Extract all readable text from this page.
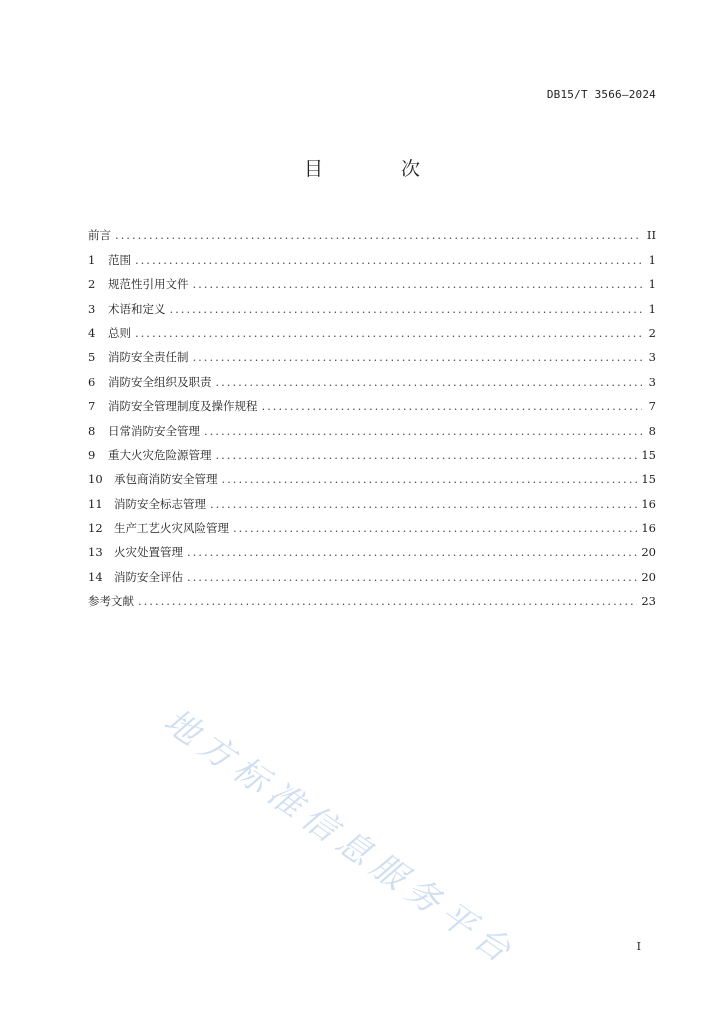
DB15/T 3566—2024
目 次
前言 .....	II
1	范围 .....	1
2	规范性引用文件 .....	1
3	术语和定义 .....	1
4	总则 .....	2
5	消防安全责任制 .....	3
6	消防安全组织及职责 .....	3
7	消防安全管理制度及操作规程 .....	7
8	日常消防安全管理 .....	8
9	重大火灾危险源管理 .....	15
10 承包商消防安全管理 .....	15
11 消防安全标志管理 .....	16
12 生产工艺火灾风险管理 .....	16
13 火灾处置管理 .....	20
14 消防安全评估 .....	20
参考文献 .....	23
地方标准信息服务平台	I
